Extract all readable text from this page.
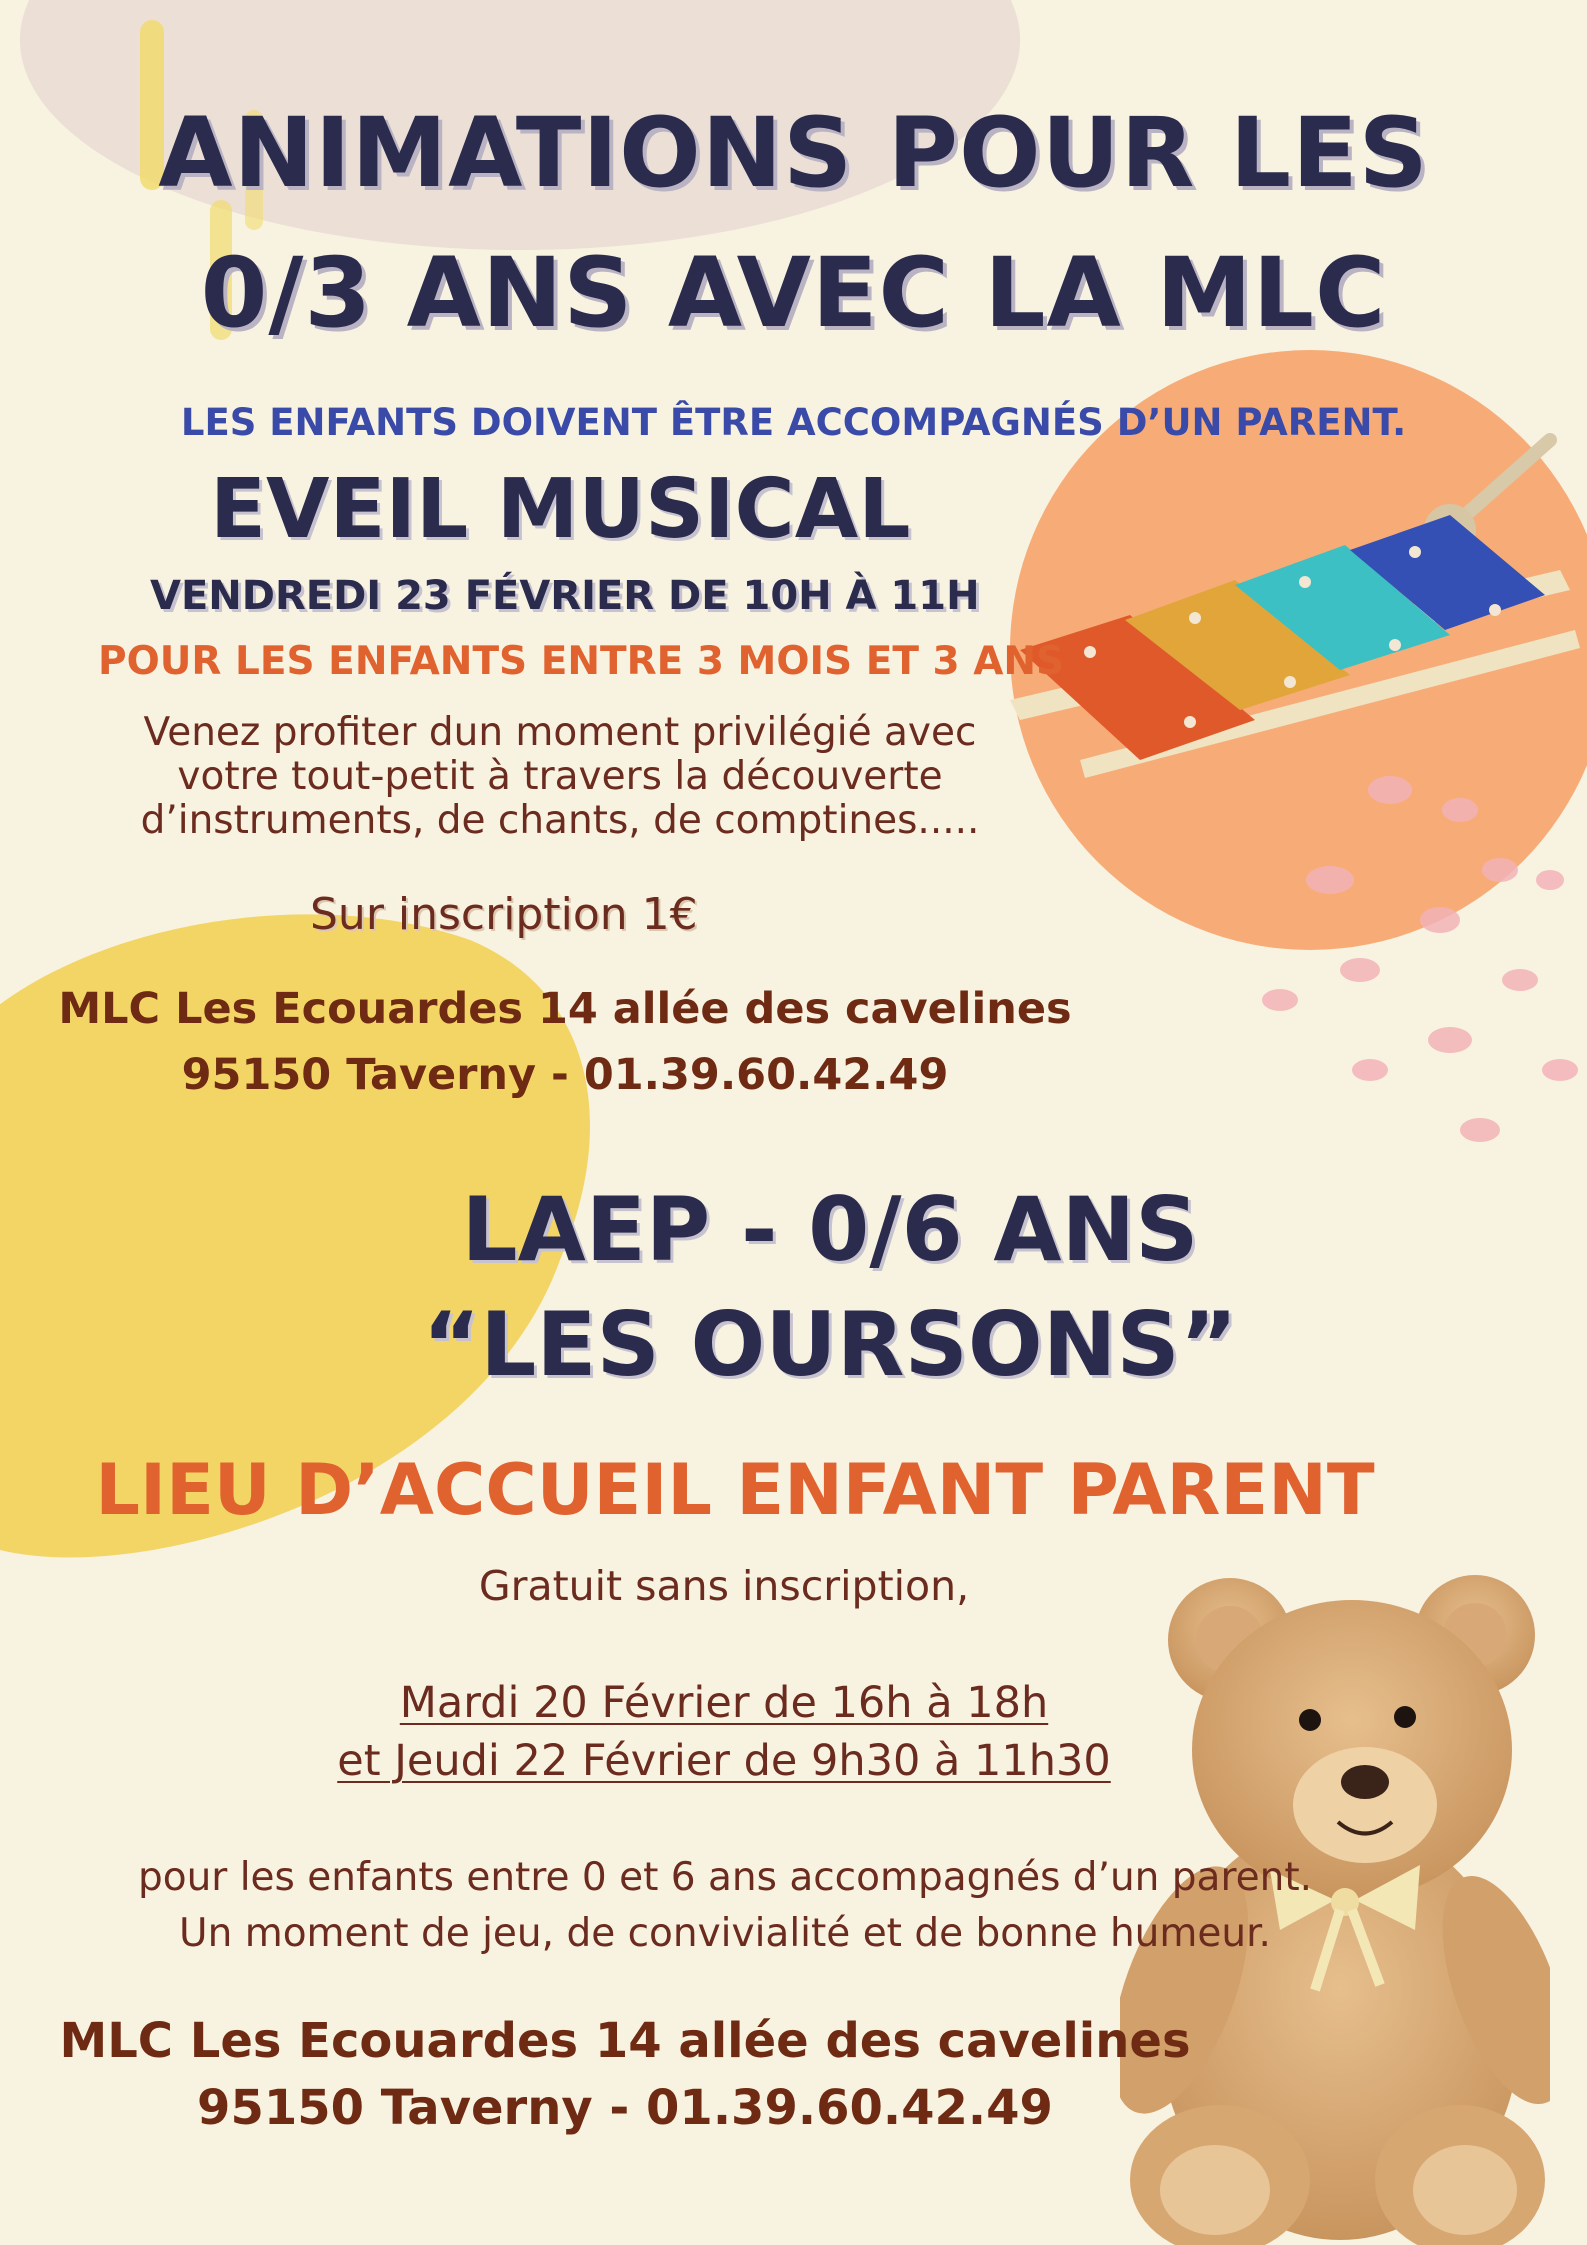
ANIMATIONS POUR LES
0/3 ANS AVEC LA MLC
LES ENFANTS DOIVENT ÊTRE ACCOMPAGNÉS D’UN PARENT.
EVEIL MUSICAL
VENDREDI 23 FÉVRIER DE 10H À 11H
POUR LES ENFANTS ENTRE 3 MOIS ET 3 ANS
Venez profiter dun moment privilégié avec
votre tout-petit à travers la découverte
d’instruments, de chants, de comptines.....
Sur inscription 1€
MLC Les Ecouardes 14 allée des cavelines
95150 Taverny - 01.39.60.42.49
LAEP - 0/6 ANS
“LES OURSONS”
LIEU D’ACCUEIL ENFANT PARENT
Gratuit sans inscription,
Mardi 20 Février de 16h à 18h
et Jeudi 22 Février de 9h30 à 11h30
pour les enfants entre 0 et 6 ans accompagnés d’un parent.
Un moment de jeu, de convivialité et de bonne humeur.
MLC Les Ecouardes 14 allée des cavelines
95150 Taverny - 01.39.60.42.49
